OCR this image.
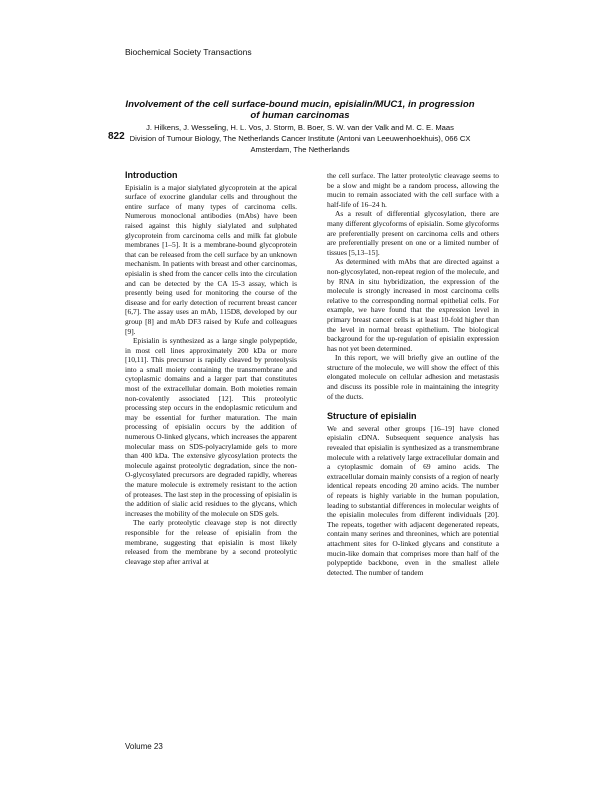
Biochemical Society Transactions
822
Involvement of the cell surface-bound mucin, episialin/MUC1, in progression of human carcinomas
J. Hilkens, J. Wesseling, H. L. Vos, J. Storm, B. Boer, S. W. van der Valk and M. C. E. Maas
Division of Tumour Biology, The Netherlands Cancer Institute (Antoni van Leeuwenhoekhuis), 066 CX Amsterdam, The Netherlands
Introduction

Episialin is a major sialylated glycoprotein at the apical surface of exocrine glandular cells and throughout the entire surface of many types of carcinoma cells. Numerous monoclonal antibodies (mAbs) have been raised against this highly sialylated and sulphated glycoprotein from carcinoma cells and milk fat globule membranes [1–5]. It is a membrane-bound glycoprotein that can be released from the cell surface by an unknown mechanism. In patients with breast and other carcinomas, episialin is shed from the cancer cells into the circulation and can be detected by the CA 15-3 assay, which is presently being used for monitoring the course of the disease and for early detection of recurrent breast cancer [6,7]. The assay uses an mAb, 115D8, developed by our group [8] and mAb DF3 raised by Kufe and colleagues [9].

Episialin is synthesized as a large single polypeptide, in most cell lines approximately 200 kDa or more [10,11]. This precursor is rapidly cleaved by proteolysis into a small moiety containing the transmembrane and cytoplasmic domains and a larger part that constitutes most of the extracellular domain. Both moieties remain non-covalently associated [12]. This proteolytic processing step occurs in the endoplasmic reticulum and may be essential for further maturation. The main processing of episialin occurs by the addition of numerous O-linked glycans, which increases the apparent molecular mass on SDS-polyacrylamide gels to more than 400 kDa. The extensive glycosylation protects the molecule against proteolytic degradation, since the non-O-glycosylated precursors are degraded rapidly, whereas the mature molecule is extremely resistant to the action of proteases. The last step in the processing of episialin is the addition of sialic acid residues to the glycans, which increases the mobility of the molecule on SDS gels.

The early proteolytic cleavage step is not directly responsible for the release of episialin from the membrane, suggesting that episialin is most likely released from the membrane by a second proteolytic cleavage step after arrival at

the cell surface. The latter proteolytic cleavage seems to be a slow and might be a random process, allowing the mucin to remain associated with the cell surface with a half-life of 16–24 h.

As a result of differential glycosylation, there are many different glycoforms of episialin. Some glycoforms are preferentially present on carcinoma cells and others are preferentially present on one or a limited number of tissues [5,13–15].

As determined with mAbs that are directed against a non-glycosylated, non-repeat region of the molecule, and by RNA in situ hybridization, the expression of the molecule is strongly increased in most carcinoma cells relative to the corresponding normal epithelial cells. For example, we have found that the expression level in primary breast cancer cells is at least 10-fold higher than the level in normal breast epithelium. The biological background for the up-regulation of episialin expression has not yet been determined.

In this report, we will briefly give an outline of the structure of the molecule, we will show the effect of this elongated molecule on cellular adhesion and metastasis and discuss its possible role in maintaining the integrity of the ducts.

Structure of episialin

We and several other groups [16–19] have cloned episialin cDNA. Subsequent sequence analysis has revealed that episialin is synthesized as a transmembrane molecule with a relatively large extracellular domain and a cytoplasmic domain of 69 amino acids. The extracellular domain mainly consists of a region of nearly identical repeats encoding 20 amino acids. The number of repeats is highly variable in the human population, leading to substantial differences in molecular weights of the episialin molecules from different individuals [20]. The repeats, together with adjacent degenerated repeats, contain many serines and threonines, which are potential attachment sites for O-linked glycans and constitute a mucin-like domain that comprises more than half of the polypeptide backbone, even in the smallest allele detected. The number of tandem

Volume 23
